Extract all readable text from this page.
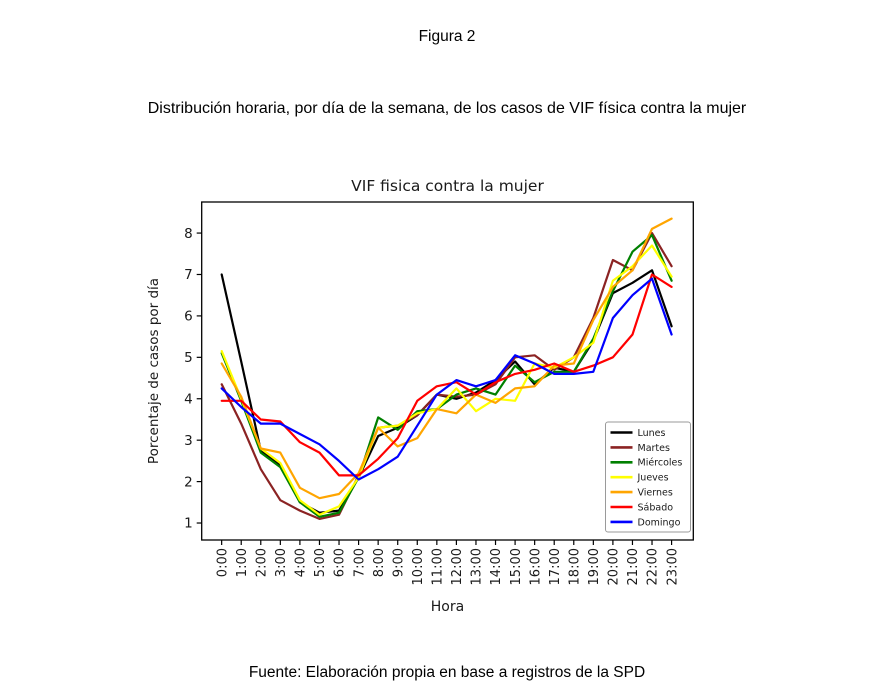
Figura 2
Distribución horaria, por día de la semana, de los casos de VIF física contra la mujer
VIF fisica contra la mujer
1
2
3
4
5
6
7
8
0:00 1:00 2:00 3:00 4:00 5:00 6:00 7:00 8:00 9:00 10:00 11:00 12:00 13:00 14:00 15:00 16:00 17:00 18:00 19:00 20:00 21:00 22:00 23:00
Hora
Porcentaje de casos por día	Lunes
Martes
Miércoles
Jueves
Viernes
Sábado
Domingo
Fuente: Elaboración propia en base a registros de la SPD
